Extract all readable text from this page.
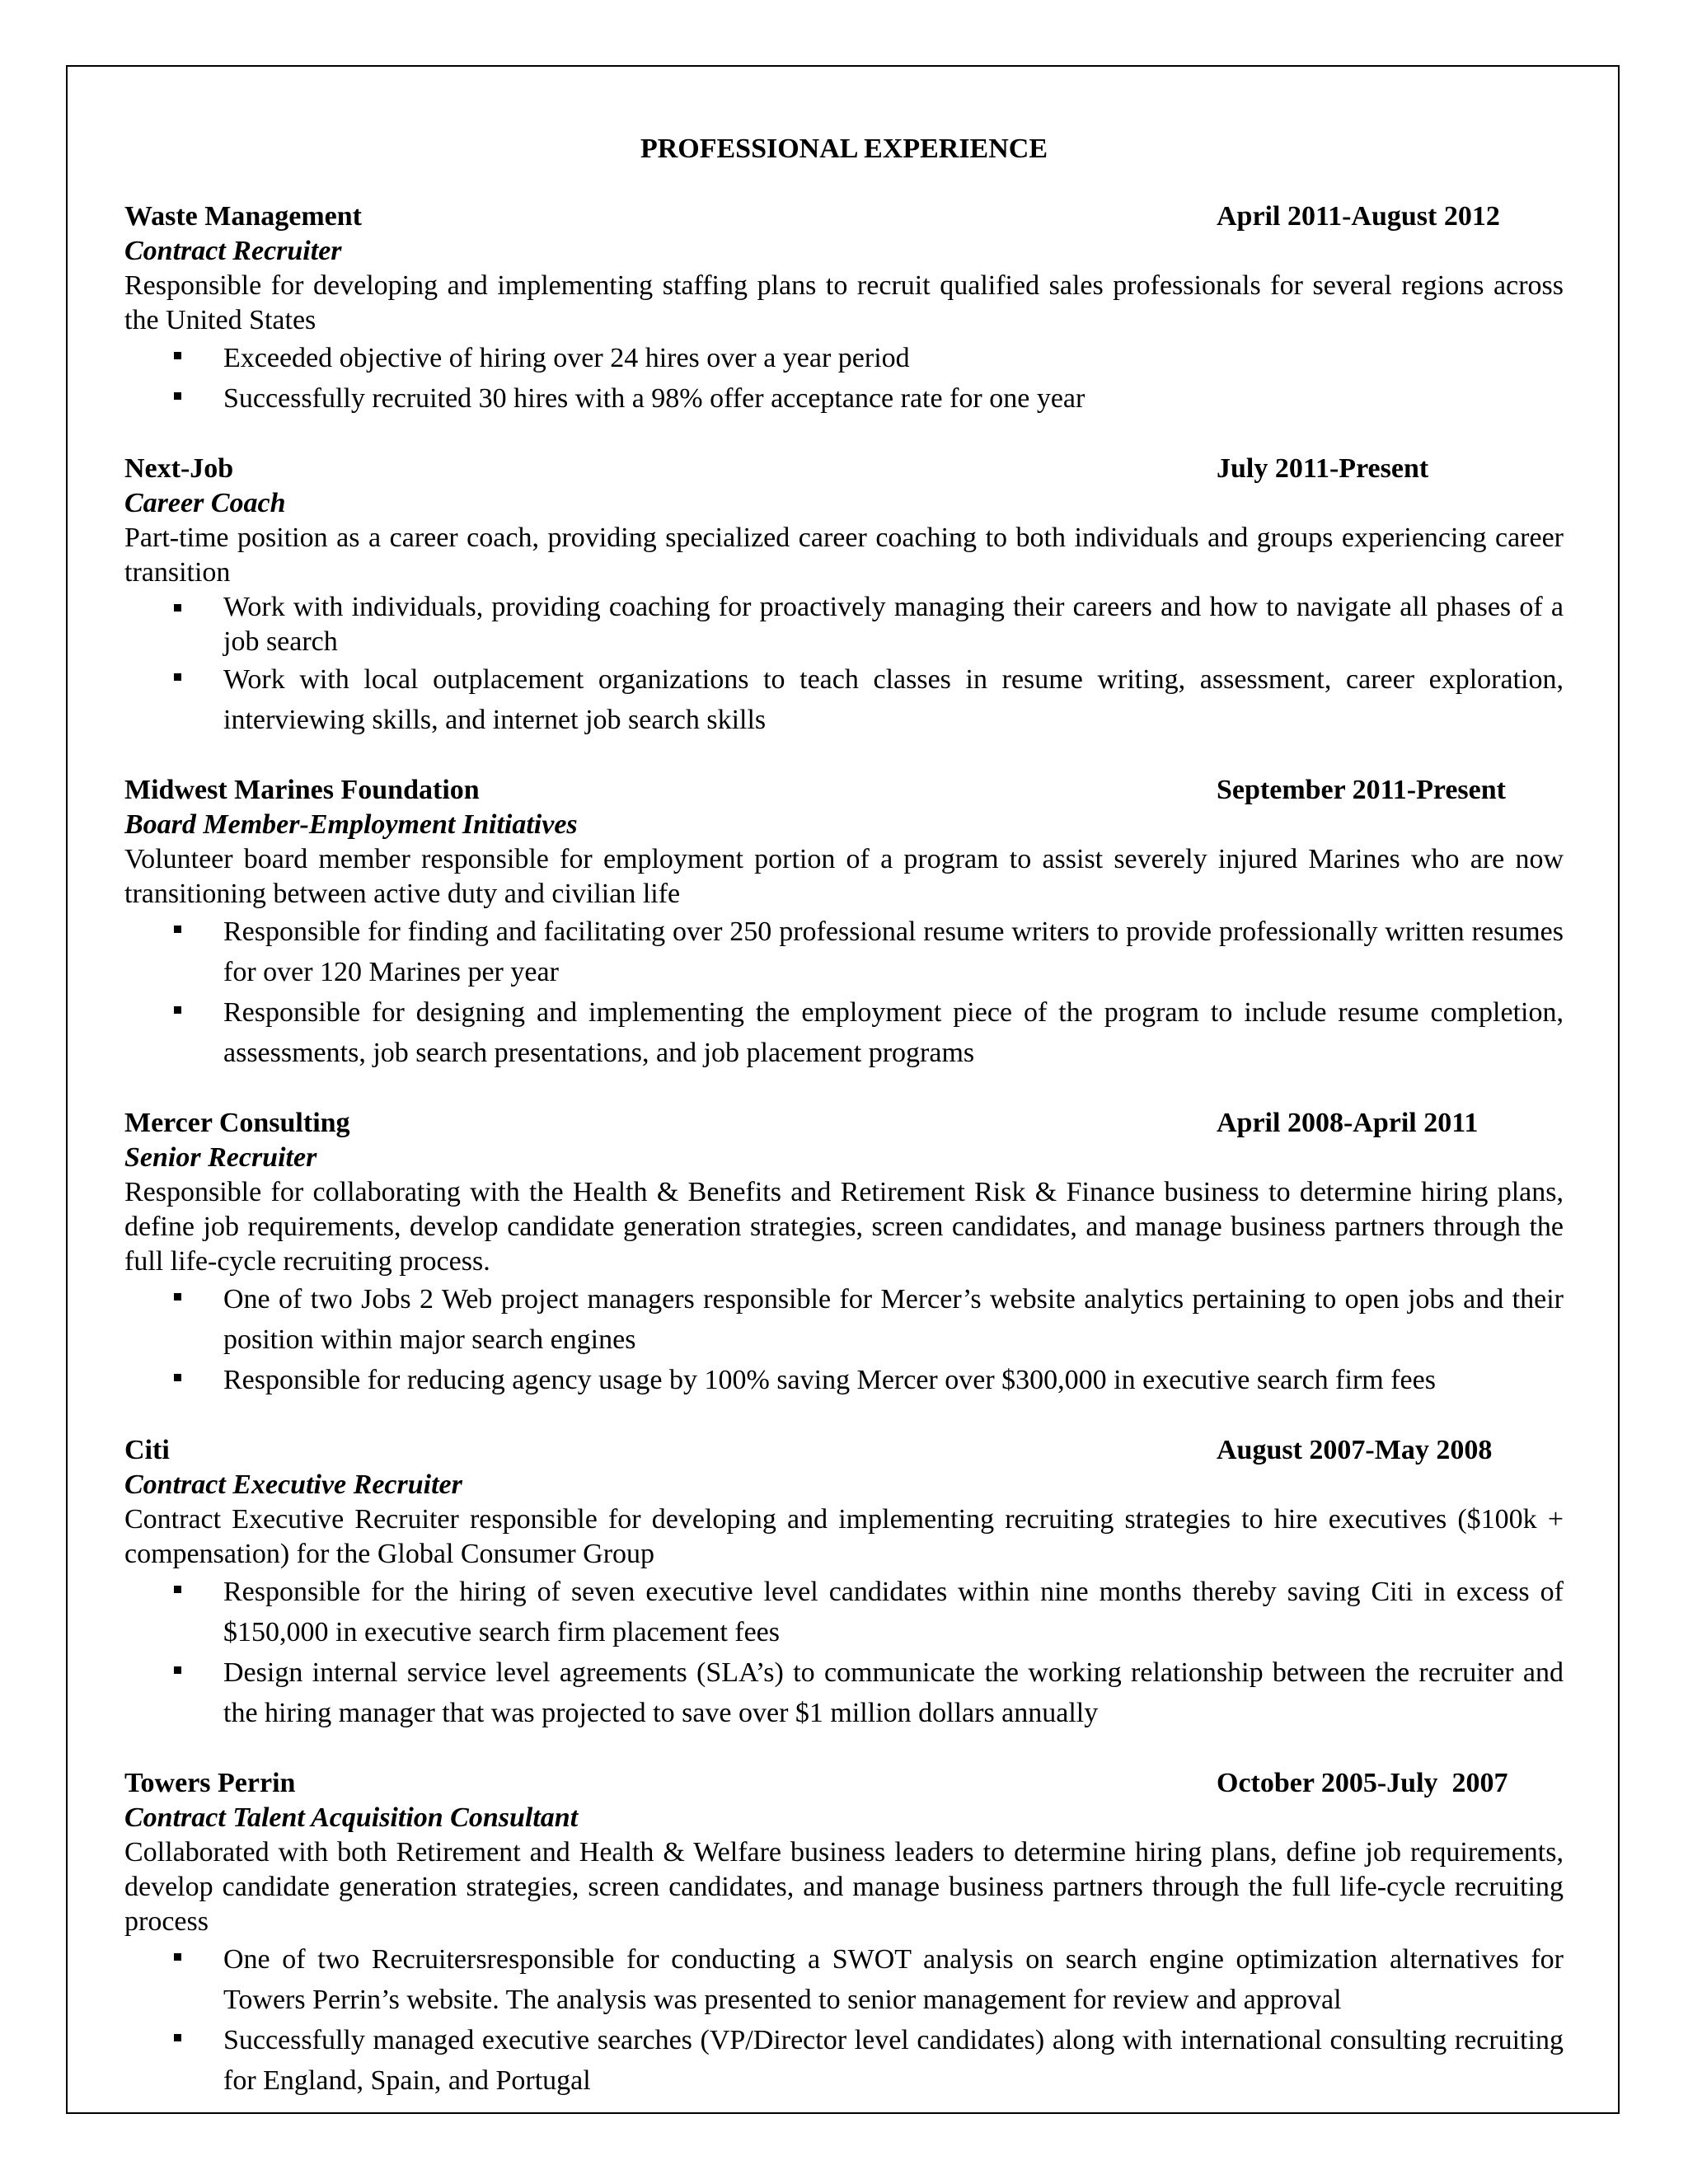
PROFESSIONAL EXPERIENCE
Waste Management	April 2011-August 2012
Contract Recruiter

Responsible for developing and implementing staffing plans to recruit qualified sales professionals for several regions across the United States

Exceeded objective of hiring over 24 hires over a year period
Successfully recruited 30 hires with a 98% offer acceptance rate for one year
Next-Job	July 2011-Present
Career Coach

Part-time position as a career coach, providing specialized career coaching to both individuals and groups experiencing career transition

Work with individuals, providing coaching for proactively managing their careers and how to navigate all phases of a job search
Work with local outplacement organizations to teach classes in resume writing, assessment, career exploration, interviewing skills, and internet job search skills
Midwest Marines Foundation	September 2011-Present
Board Member-Employment Initiatives

Volunteer board member responsible for employment portion of a program to assist severely injured Marines who are now transitioning between active duty and civilian life

Responsible for finding and facilitating over 250 professional resume writers to provide professionally written resumes for over 120 Marines per year
Responsible for designing and implementing the employment piece of the program to include resume completion, assessments, job search presentations, and job placement programs
Mercer Consulting	April 2008-April 2011
Senior Recruiter

Responsible for collaborating with the Health & Benefits and Retirement Risk & Finance business to determine hiring plans, define job requirements, develop candidate generation strategies, screen candidates, and manage business partners through the full life-cycle recruiting process.

One of two Jobs 2 Web project managers responsible for Mercer’s website analytics pertaining to open jobs and their position within major search engines
Responsible for reducing agency usage by 100% saving Mercer over $300,000 in executive search firm fees
Citi	August 2007-May 2008
Contract Executive Recruiter

Contract Executive Recruiter responsible for developing and implementing recruiting strategies to hire executives ($100k + compensation) for the Global Consumer Group

Responsible for the hiring of seven executive level candidates within nine months thereby saving Citi in excess of $150,000 in executive search firm placement fees
Design internal service level agreements (SLA’s) to communicate the working relationship between the recruiter and the hiring manager that was projected to save over $1 million dollars annually
Towers Perrin	October 2005-July  2007
Contract Talent Acquisition Consultant

Collaborated with both Retirement and Health & Welfare business leaders to determine hiring plans, define job requirements, develop candidate generation strategies, screen candidates, and manage business partners through the full life-cycle recruiting process

One of two Recruitersresponsible for conducting a SWOT analysis on search engine optimization alternatives for Towers Perrin’s website. The analysis was presented to senior management for review and approval
Successfully managed executive searches (VP/Director level candidates) along with international consulting recruiting for England, Spain, and Portugal
